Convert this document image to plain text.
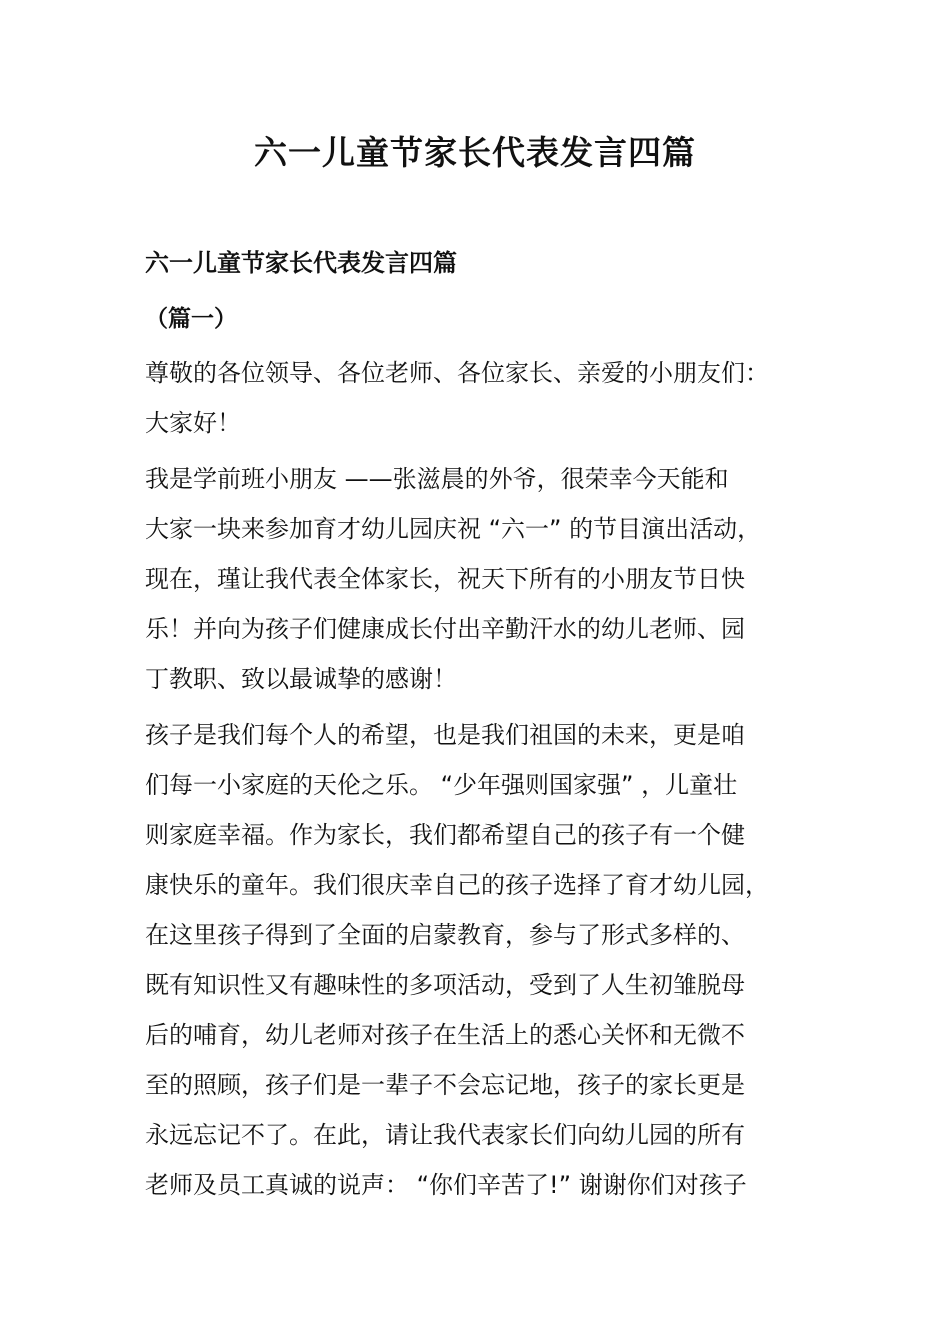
六一儿童节家长代表发言四篇
六一儿童节家长代表发言四篇
（篇一）
尊敬的各位领导、各位老师、各位家长、亲爱的小朋友们：
大家好！
我是学前班小朋友 ——张滋晨的外爷，很荣幸今天能和
大家一块来参加育才幼儿园庆祝 “六一” 的节目演出活动，
现在，瑾让我代表全体家长，祝天下所有的小朋友节日快
乐！并向为孩子们健康成长付出辛勤汗水的幼儿老师、园
丁教职、致以最诚挚的感谢！
孩子是我们每个人的希望，也是我们祖国的未来，更是咱
们每一小家庭的天伦之乐。 “少年强则国家强” ，儿童壮
则家庭幸福。作为家长，我们都希望自己的孩子有一个健
康快乐的童年。我们很庆幸自己的孩子选择了育才幼儿园，
在这里孩子得到了全面的启蒙教育，参与了形式多样的、
既有知识性又有趣味性的多项活动，受到了人生初雏脱母
后的哺育，幼儿老师对孩子在生活上的悉心关怀和无微不
至的照顾，孩子们是一辈子不会忘记地，孩子的家长更是
永远忘记不了。在此，请让我代表家长们向幼儿园的所有
老师及员工真诚的说声： “你们辛苦了!” 谢谢你们对孩子
